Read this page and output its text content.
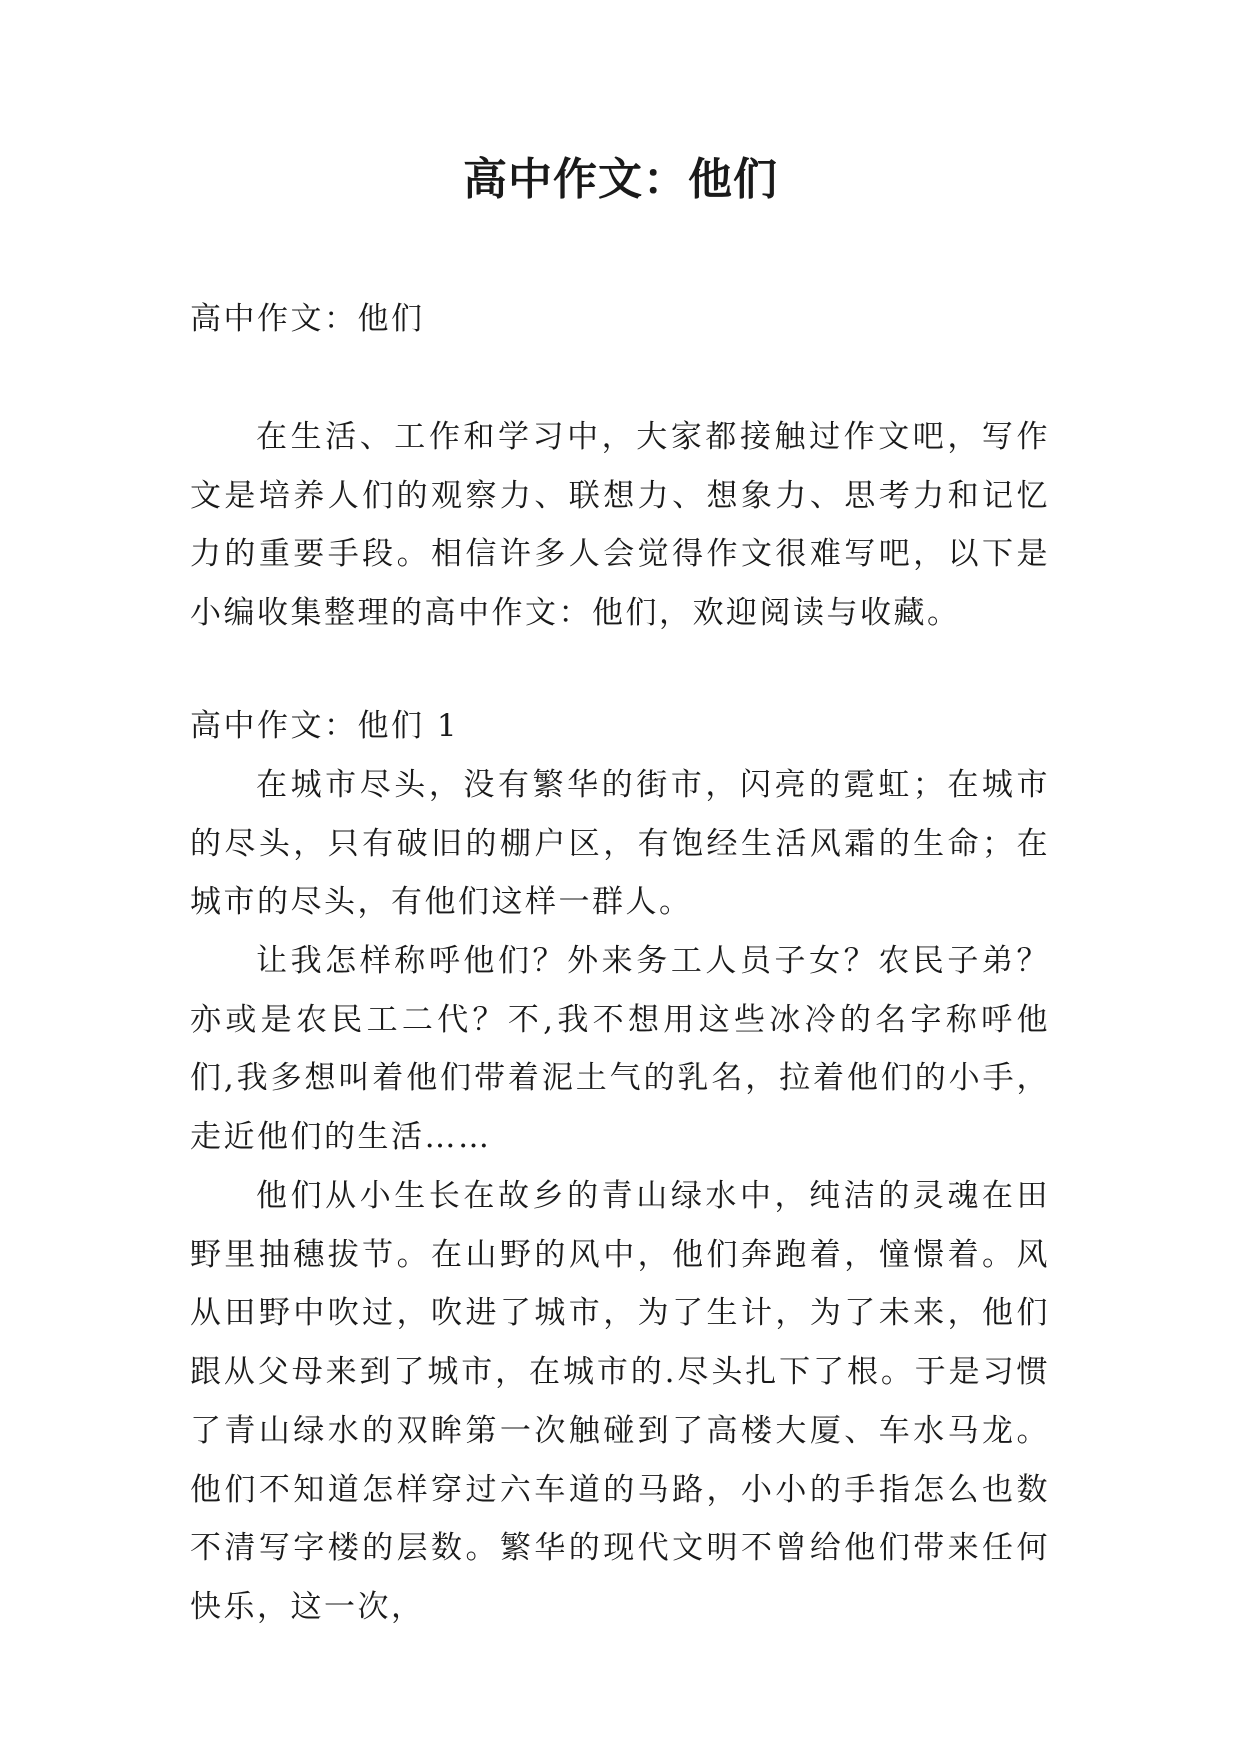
高中作文：他们

高中作文：他们

在生活、工作和学习中，大家都接触过作文吧，写作文是培养人们的观察力、联想力、想象力、思考力和记忆力的重要手段。相信许多人会觉得作文很难写吧，以下是小编收集整理的高中作文：他们，欢迎阅读与收藏。

高中作文：他们 1

在城市尽头，没有繁华的街市，闪亮的霓虹；在城市的尽头，只有破旧的棚户区，有饱经生活风霜的生命；在城市的尽头，有他们这样一群人。

让我怎样称呼他们？外来务工人员子女？农民子弟？亦或是农民工二代？不,我不想用这些冰冷的名字称呼他们,我多想叫着他们带着泥土气的乳名，拉着他们的小手，走近他们的生活……

他们从小生长在故乡的青山绿水中，纯洁的灵魂在田野里抽穗拔节。在山野的风中，他们奔跑着，憧憬着。风从田野中吹过，吹进了城市，为了生计，为了未来，他们跟从父母来到了城市，在城市的.尽头扎下了根。于是习惯了青山绿水的双眸第一次触碰到了高楼大厦、车水马龙。他们不知道怎样穿过六车道的马路，小小的手指怎么也数不清写字楼的层数。繁华的现代文明不曾给他们带来任何快乐，这一次，
